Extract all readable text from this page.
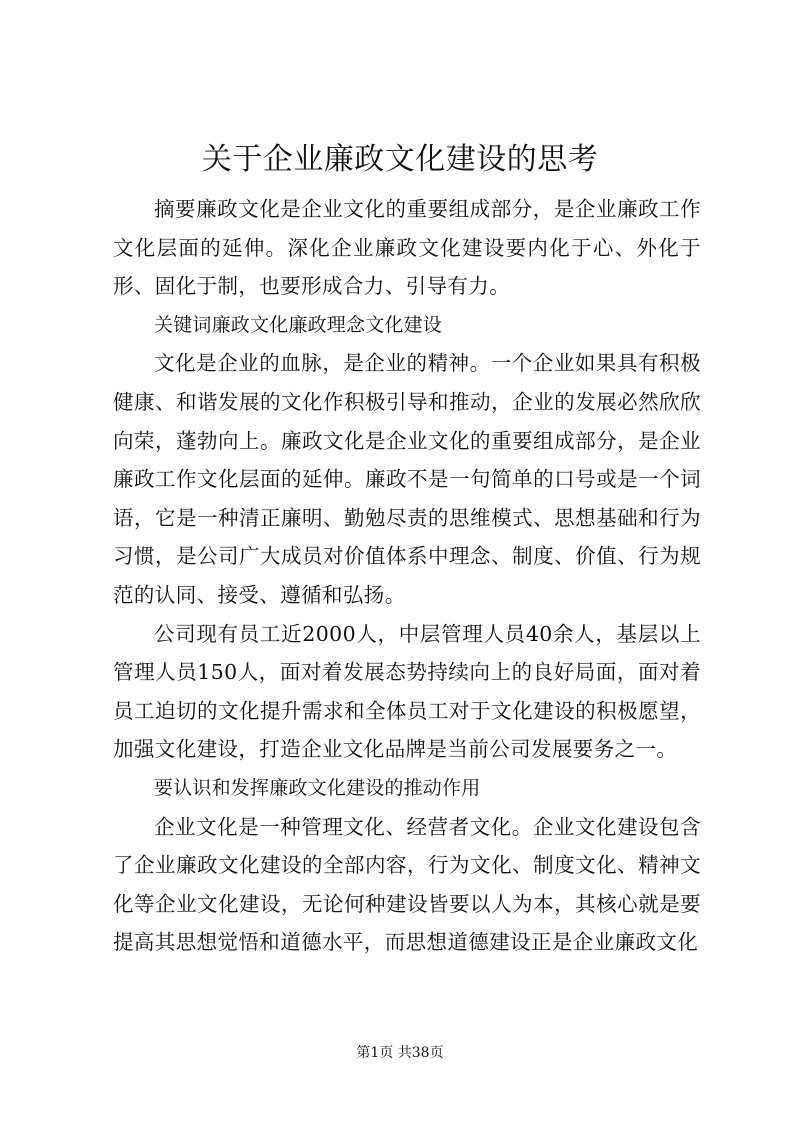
关于企业廉政文化建设的思考

摘要廉政文化是企业文化的重要组成部分，是企业廉政工作文化层面的延伸。深化企业廉政文化建设要内化于心、外化于形、固化于制，也要形成合力、引导有力。

关键词廉政文化廉政理念文化建设

文化是企业的血脉，是企业的精神。一个企业如果具有积极健康、和谐发展的文化作积极引导和推动，企业的发展必然欣欣向荣，蓬勃向上。廉政文化是企业文化的重要组成部分，是企业廉政工作文化层面的延伸。廉政不是一句简单的口号或是一个词语，它是一种清正廉明、勤勉尽责的思维模式、思想基础和行为习惯，是公司广大成员对价值体系中理念、制度、价值、行为规范的认同、接受、遵循和弘扬。

公司现有员工近2000人，中层管理人员40余人，基层以上管理人员150人，面对着发展态势持续向上的良好局面，面对着员工迫切的文化提升需求和全体员工对于文化建设的积极愿望，加强文化建设，打造企业文化品牌是当前公司发展要务之一。

要认识和发挥廉政文化建设的推动作用

企业文化是一种管理文化、经营者文化。企业文化建设包含了企业廉政文化建设的全部内容，行为文化、制度文化、精神文化等企业文化建设，无论何种建设皆要以人为本，其核心就是要提高其思想觉悟和道德水平，而思想道德建设正是企业廉政文化

第1页 共38页
